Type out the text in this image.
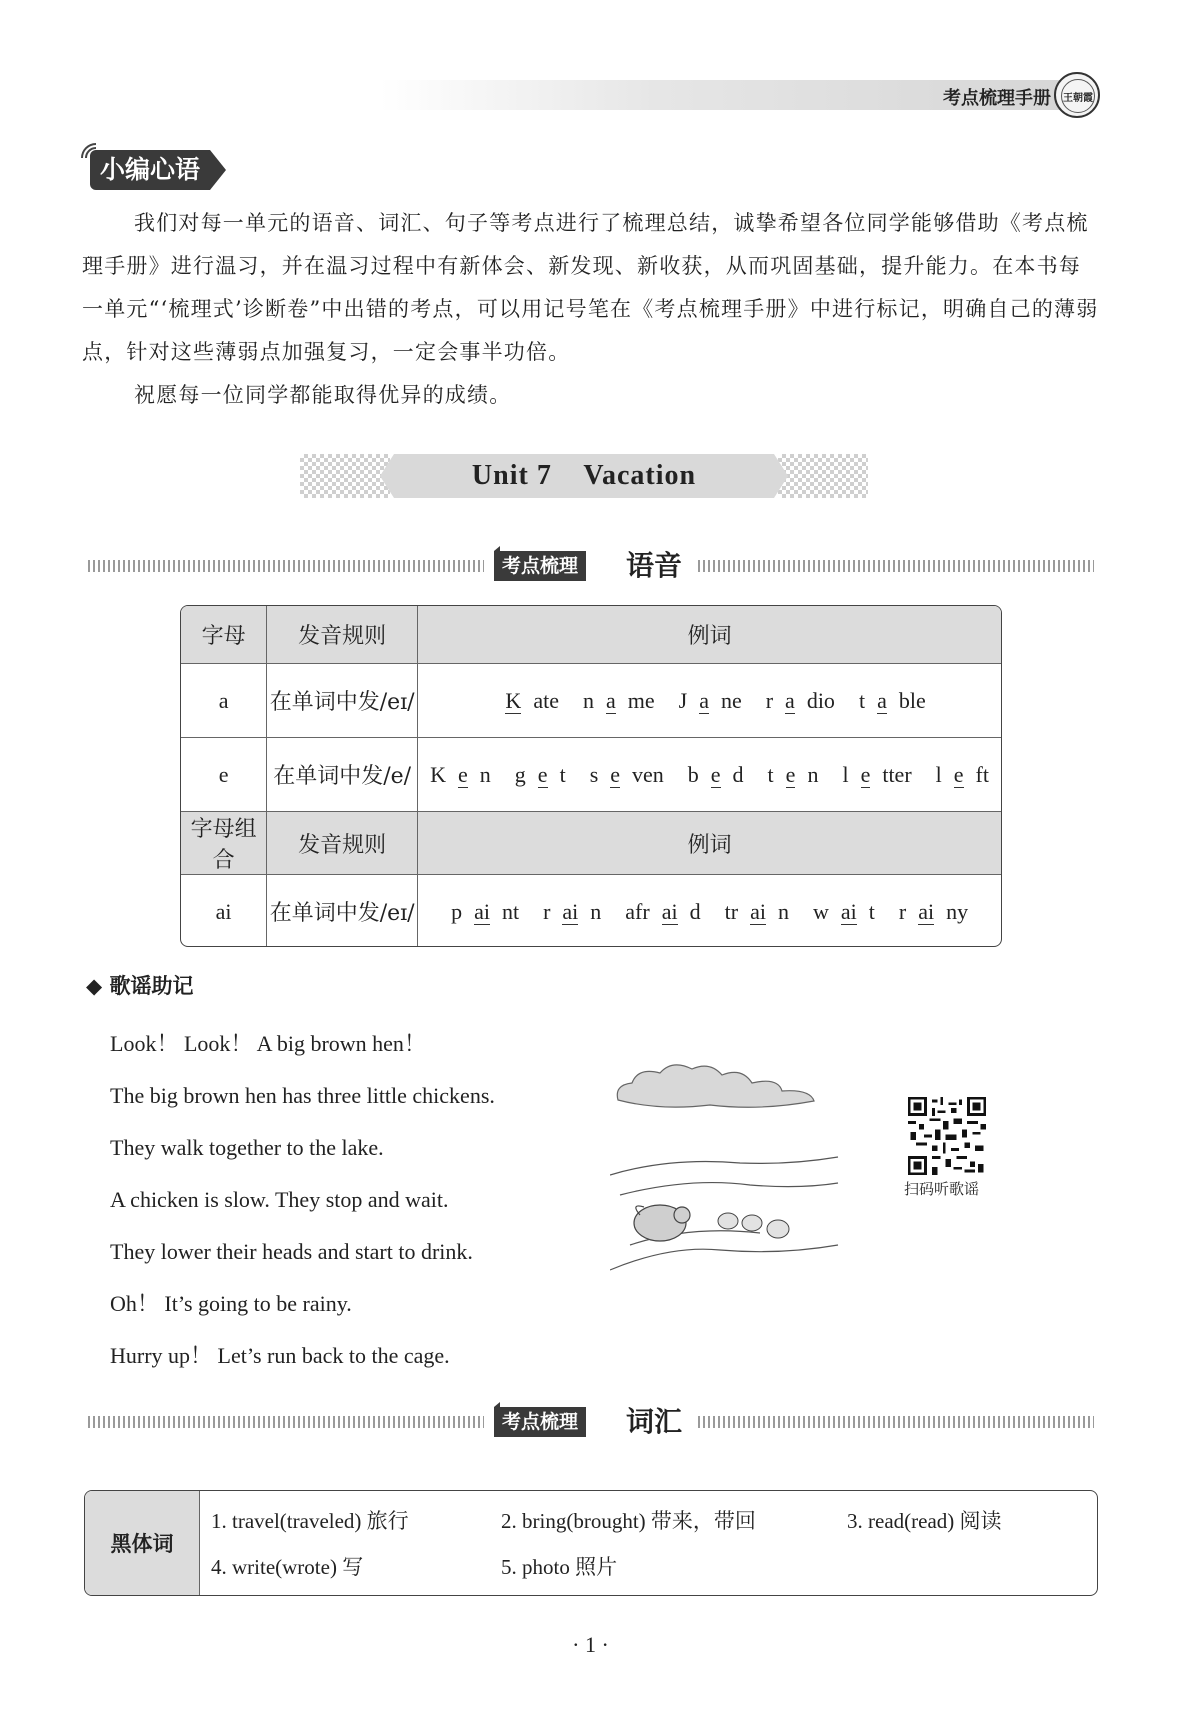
考点梳理手册 王朝霞
小编心语

我们对每一单元的语音、词汇、句子等考点进行了梳理总结，诚挚希望各位同学能够借助《考点梳理手册》进行温习，并在温习过程中有新体会、新发现、新收获，从而巩固基础，提升能力。在本书每一单元“‘梳理式’诊断卷”中出错的考点，可以用记号笔在《考点梳理手册》中进行标记，明确自己的薄弱点，针对这些薄弱点加强复习，一定会事半功倍。

祝愿每一位同学都能取得优异的成绩。

Unit 7    Vacation
考点梳理 语音
字母	发音规则	例词
a	在单词中发/eɪ/	K ate n a me J a ne r a dio t a ble
e	在单词中发/e/	K e n g e t s e ven b e d t e n l e tter l e ft
字母组合	发音规则	例词
ai	在单词中发/eɪ/	p ai nt r ai n afr ai d tr ai n w ai t r ai ny
◆ 歌谣助记
Look！ Look！ A big brown hen！
The big brown hen has three little chickens.
They walk together to the lake.
A chicken is slow. They stop and wait.
They lower their heads and start to drink.
Oh！ It’s going to be rainy.
Hurry up！ Let’s run back to the cage.
扫码听歌谣
考点梳理 词汇
黑体词
1. travel(traveled) 旅行	2. bring(brought) 带来，带回	3. read(read) 阅读
4. write(wrote) 写	5. photo 照片
· 1 ·
